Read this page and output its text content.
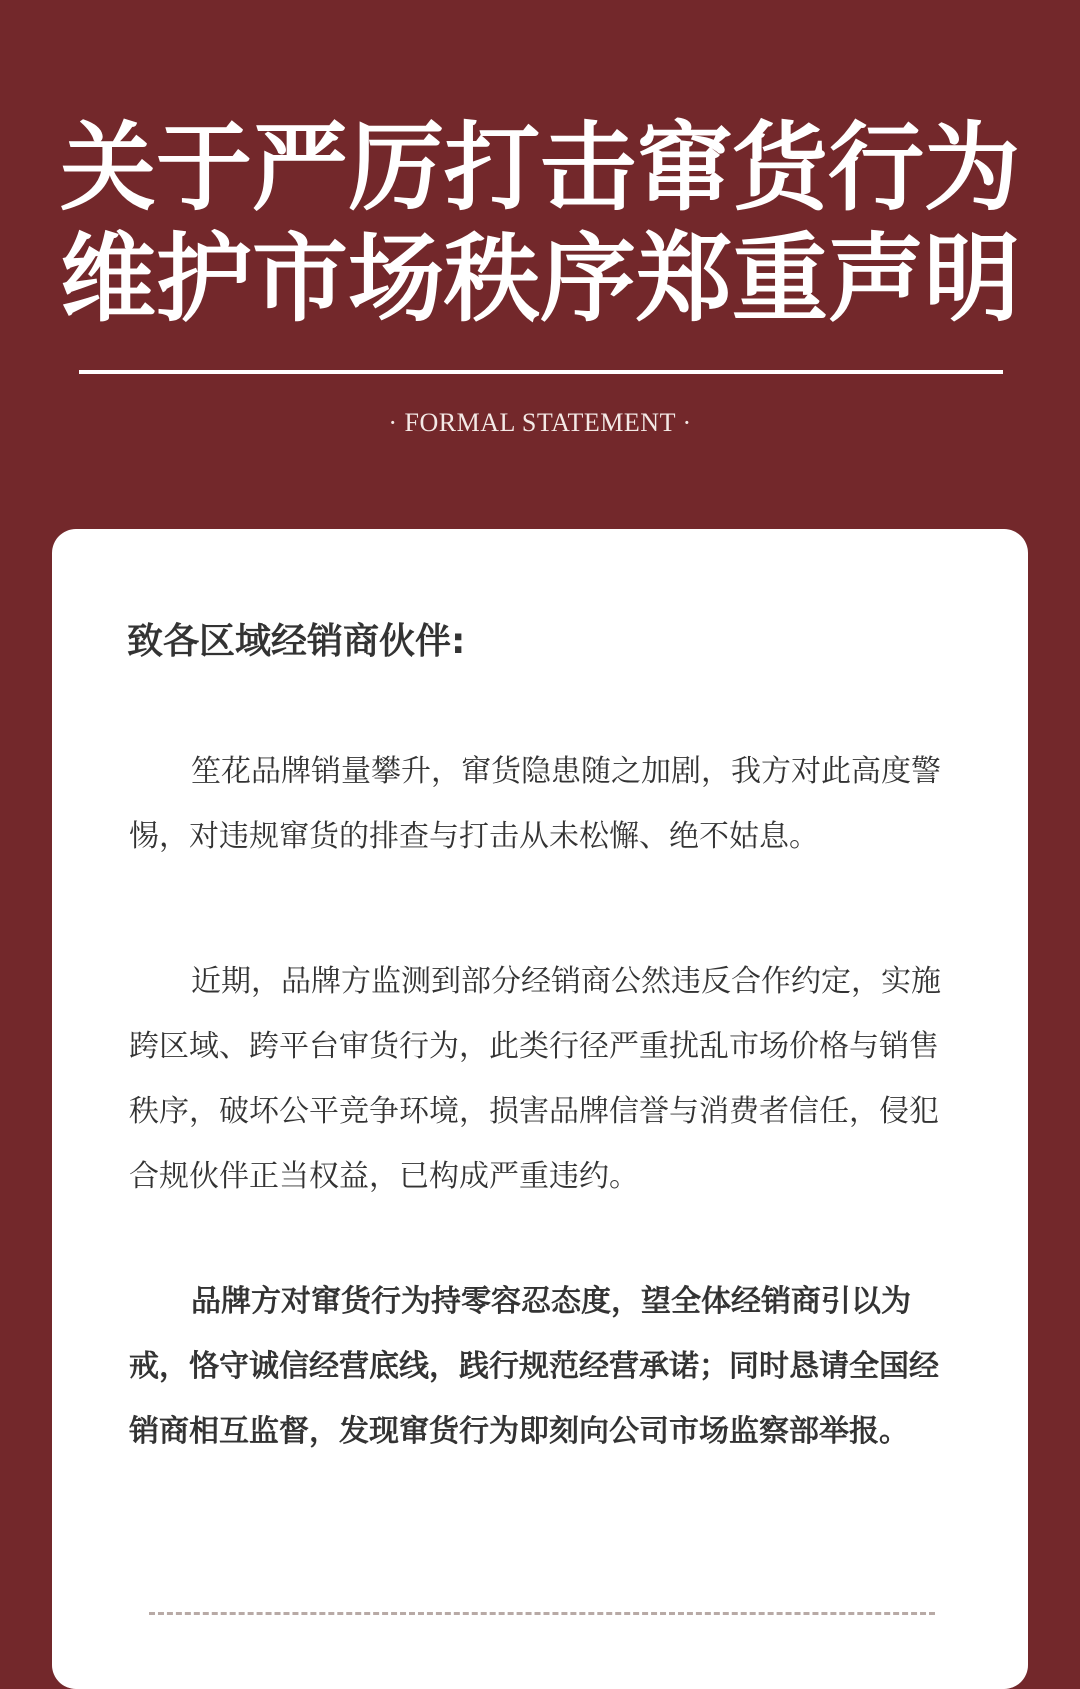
关于严厉打击窜货行为
维护市场秩序郑重声明
· FORMAL STATEMENT ·
致各区域经销商伙伴:

笙花品牌销量攀升，窜货隐患随之加剧，我方对此高度警惕，对违规窜货的排查与打击从未松懈、绝不姑息。

近期，品牌方监测到部分经销商公然违反合作约定，实施跨区域、跨平台审货行为，此类行径严重扰乱市场价格与销售秩序，破坏公平竞争环境，损害品牌信誉与消费者信任，侵犯合规伙伴正当权益，已构成严重违约。

品牌方对窜货行为持零容忍态度，望全体经销商引以为戒，恪守诚信经营底线，践行规范经营承诺；同时恳请全国经销商相互监督，发现窜货行为即刻向公司市场监察部举报。
